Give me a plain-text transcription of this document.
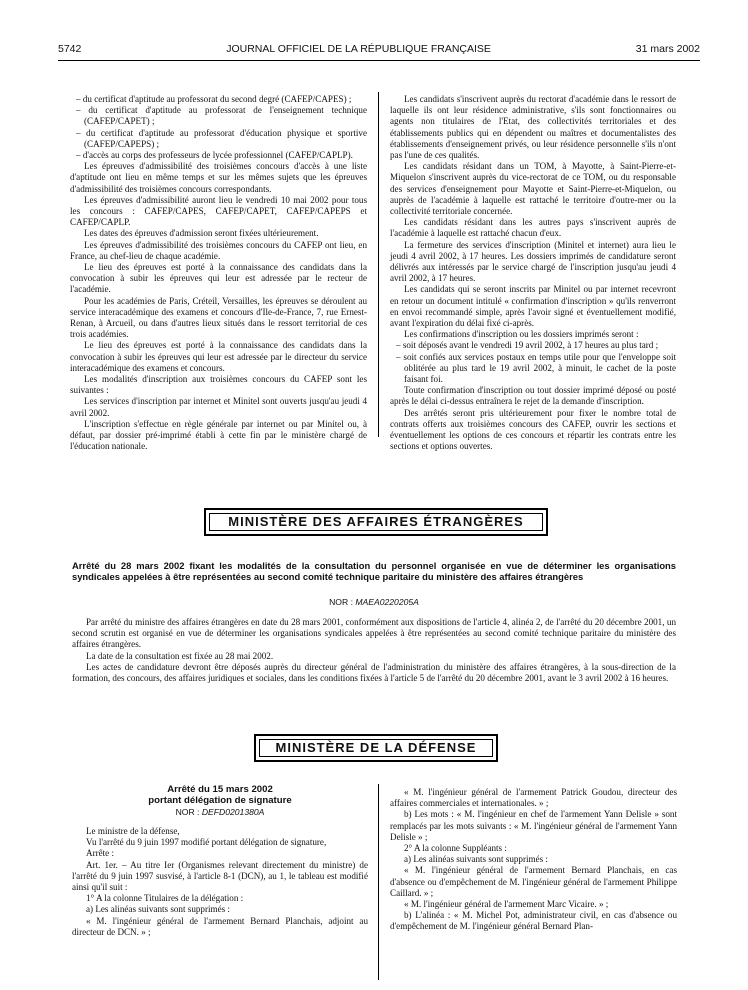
5742	JOURNAL OFFICIEL DE LA RÉPUBLIQUE FRANÇAISE	31 mars 2002

– du certificat d'aptitude au professorat du second degré (CAFEP/CAPES) ;

– du certificat d'aptitude au professorat de l'enseignement technique (CAFEP/CAPET) ;

– du certificat d'aptitude au professorat d'éducation physique et sportive (CAFEP/CAPEPS) ;

– d'accès au corps des professeurs de lycée professionnel (CAFEP/CAPLP).

Les épreuves d'admissibilité des troisièmes concours d'accès à une liste d'aptitude ont lieu en même temps et sur les mêmes sujets que les épreuves d'admissibilité des troisièmes concours correspondants.

Les épreuves d'admissibilité auront lieu le vendredi 10 mai 2002 pour tous les concours : CAFEP/CAPES, CAFEP/CAPET, CAFEP/CAPEPS et CAFEP/CAPLP.

Les dates des épreuves d'admission seront fixées ultérieurement.

Les épreuves d'admissibilité des troisièmes concours du CAFEP ont lieu, en France, au chef-lieu de chaque académie.

Le lieu des épreuves est porté à la connaissance des candidats dans la convocation à subir les épreuves qui leur est adressée par le recteur de l'académie.

Pour les académies de Paris, Créteil, Versailles, les épreuves se déroulent au service interacadémique des examens et concours d'Ile-de-France, 7, rue Ernest-Renan, à Arcueil, ou dans d'autres lieux situés dans le ressort territorial de ces trois académies.

Le lieu des épreuves est porté à la connaissance des candidats dans la convocation à subir les épreuves qui leur est adressée par le directeur du service interacadémique des examens et concours.

Les modalités d'inscription aux troisièmes concours du CAFEP sont les suivantes :

Les services d'inscription par internet et Minitel sont ouverts jusqu'au jeudi 4 avril 2002.

L'inscription s'effectue en règle générale par internet ou par Minitel ou, à défaut, par dossier pré-imprimé établi à cette fin par le ministère chargé de l'éducation nationale.

Les candidats s'inscrivent auprès du rectorat d'académie dans le ressort de laquelle ils ont leur résidence administrative, s'ils sont fonctionnaires ou agents non titulaires de l'Etat, des collectivités territoriales et des établissements publics qui en dépendent ou maîtres et documentalistes des établissements d'enseignement privés, ou leur résidence personnelle s'ils n'ont pas l'une de ces qualités.

Les candidats résidant dans un TOM, à Mayotte, à Saint-Pierre-et-Miquelon s'inscrivent auprès du vice-rectorat de ce TOM, ou du responsable des services d'enseignement pour Mayotte et Saint-Pierre-et-Miquelon, ou auprès de l'académie à laquelle est rattaché le territoire d'outre-mer ou la collectivité territoriale concernée.

Les candidats résidant dans les autres pays s'inscrivent auprès de l'académie à laquelle est rattaché chacun d'eux.

La fermeture des services d'inscription (Minitel et internet) aura lieu le jeudi 4 avril 2002, à 17 heures. Les dossiers imprimés de candidature seront délivrés aux intéressés par le service chargé de l'inscription jusqu'au jeudi 4 avril 2002, à 17 heures.

Les candidats qui se seront inscrits par Minitel ou par internet recevront en retour un document intitulé « confirmation d'inscription » qu'ils renverront en envoi recommandé simple, après l'avoir signé et éventuellement modifié, avant l'expiration du délai fixé ci-après.

Les confirmations d'inscription ou les dossiers imprimés seront :

– soit déposés avant le vendredi 19 avril 2002, à 17 heures au plus tard ;

– soit confiés aux services postaux en temps utile pour que l'enveloppe soit oblitérée au plus tard le 19 avril 2002, à minuit, le cachet de la poste faisant foi.

Toute confirmation d'inscription ou tout dossier imprimé déposé ou posté après le délai ci-dessus entraînera le rejet de la demande d'inscription.

Des arrêtés seront pris ultérieurement pour fixer le nombre total de contrats offerts aux troisièmes concours des CAFEP, ouvrir les sections et éventuellement les options de ces concours et répartir les contrats entre les sections et options ouvertes.

MINISTÈRE DES AFFAIRES ÉTRANGÈRES
Arrêté du 28 mars 2002 fixant les modalités de la consultation du personnel organisée en vue de déterminer les organisations syndicales appelées à être représentées au second comité technique paritaire du ministère des affaires étrangères
NOR : MAEA0220205A

Par arrêté du ministre des affaires étrangères en date du 28 mars 2001, conformément aux dispositions de l'article 4, alinéa 2, de l'arrêté du 20 décembre 2001, un second scrutin est organisé en vue de déterminer les organisations syndicales appelées à être représentées au second comité technique paritaire du ministère des affaires étrangères.

La date de la consultation est fixée au 28 mai 2002.

Les actes de candidature devront être déposés auprès du directeur général de l'administration du ministère des affaires étrangères, à la sous-direction de la formation, des concours, des affaires juridiques et sociales, dans les conditions fixées à l'article 5 de l'arrêté du 20 décembre 2001, avant le 3 avril 2002 à 16 heures.

MINISTÈRE DE LA DÉFENSE
Arrêté du 15 mars 2002
portant délégation de signature
NOR : DEFD0201380A

Le ministre de la défense,

Vu l'arrêté du 9 juin 1997 modifié portant délégation de signature,

Arrête :

Art. 1er. – Au titre Ier (Organismes relevant directement du ministre) de l'arrêté du 9 juin 1997 susvisé, à l'article 8-1 (DCN), au 1, le tableau est modifié ainsi qu'il suit :

1° A la colonne Titulaires de la délégation :

a) Les alinéas suivants sont supprimés :

« M. l'ingénieur général de l'armement Bernard Planchais, adjoint au directeur de DCN. » ;

« M. l'ingénieur général de l'armement Patrick Goudou, directeur des affaires commerciales et internationales. » ;

b) Les mots : « M. l'ingénieur en chef de l'armement Yann Delisle » sont remplacés par les mots suivants : « M. l'ingénieur général de l'armement Yann Delisle » ;

2° A la colonne Suppléants :

a) Les alinéas suivants sont supprimés :

« M. l'ingénieur général de l'armement Bernard Planchais, en cas d'absence ou d'empêchement de M. l'ingénieur général de l'armement Philippe Caillard. » ;

« M. l'ingénieur général de l'armement Marc Vicaire. » ;

b) L'alinéa : « M. Michel Pot, administrateur civil, en cas d'absence ou d'empêchement de M. l'ingénieur général Bernard Plan-
